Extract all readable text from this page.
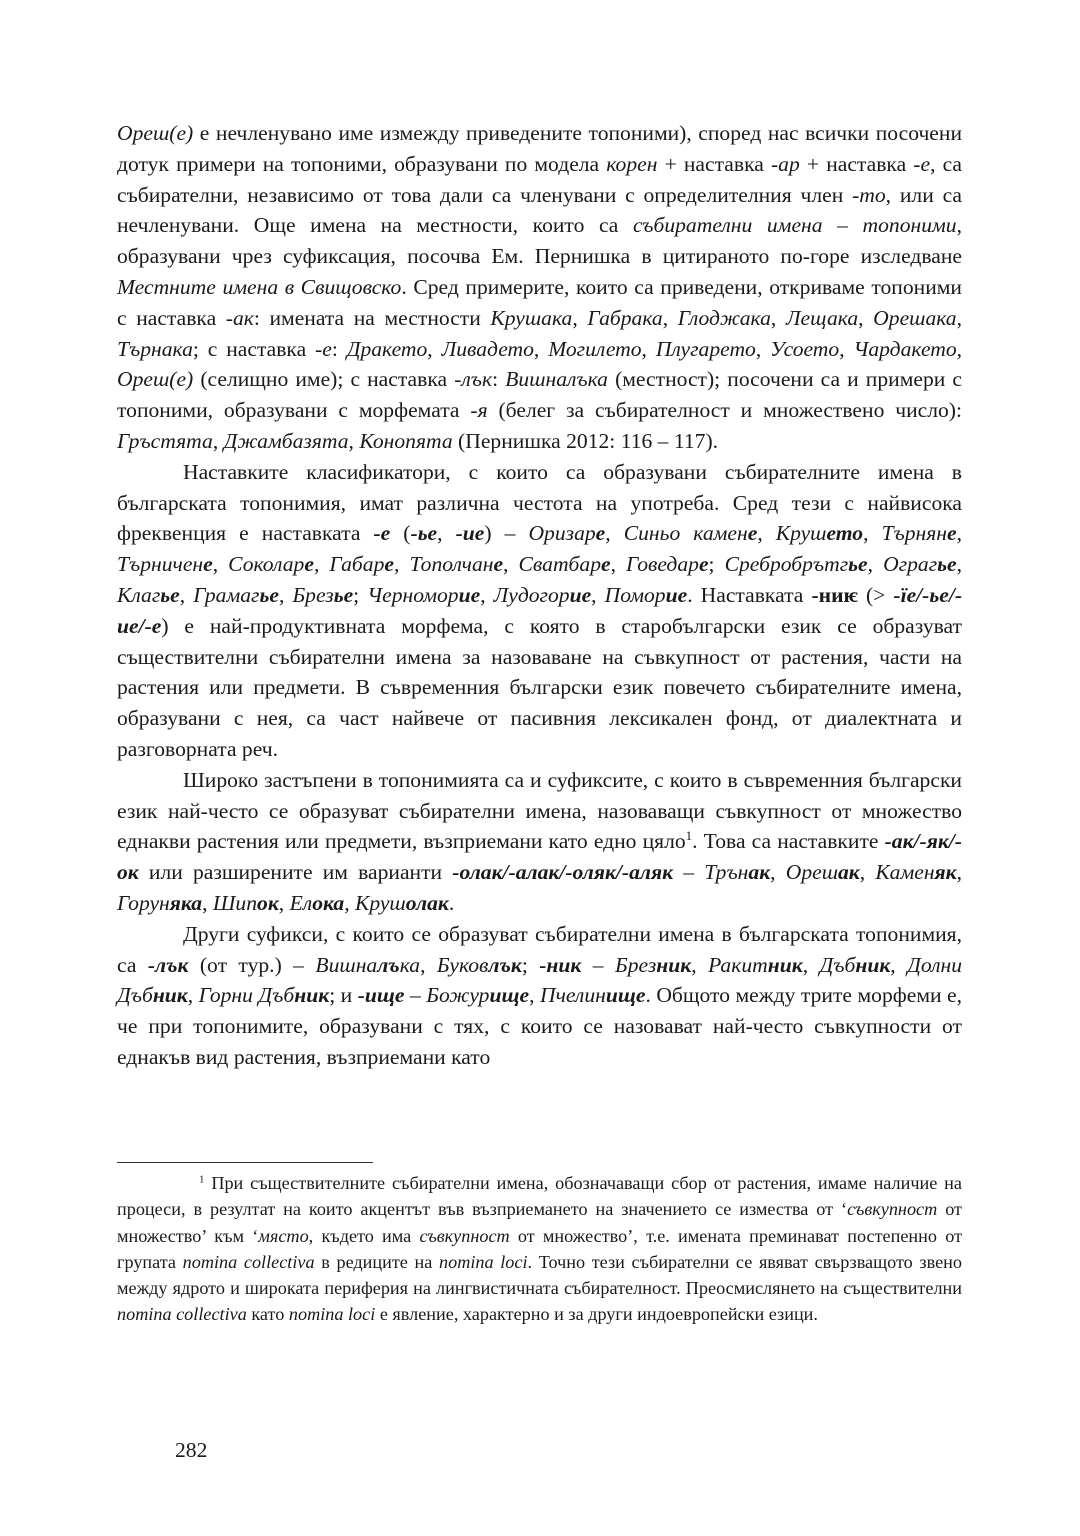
Ореш(е) е нечленувано име измежду приведените топоними), според нас всички посочени дотук примери на топоними, образувани по модела корен + наставка -ар + наставка -е, са събирателни, независимо от това дали са членувани с определителния член -то, или са нечленувани. Още имена на местности, които са събирателни имена – топоними, образувани чрез суфиксация, посочва Ем. Пернишка в цитираното по-горе изследване Местните имена в Свищовско. Сред примерите, които са приведени, откриваме топоними с наставка -ак: имената на местности Крушака, Габрака, Глоджака, Лещака, Орешака, Търнака; с наставка -е: Дракето, Ливадето, Могилето, Плугарето, Усоето, Чардакето, Ореш(е) (селищно име); с наставка -лък: Вишналъка (местност); посочени са и примери с топоними, образувани с морфемата -я (белег за събирателност и множествено число): Гръстята, Джамбазята, Конопята (Пернишка 2012: 116 – 117).

Наставките класификатори, с които са образувани събирателните имена в българската топонимия, имат различна честота на употреба. Сред тези с найвисока фреквенция е наставката -е (-ье, -ие) – Оризаре, Синьо камене, Крушето, Търняне, Търничене, Соколаре, Габаре, Тополчане, Сватбаре, Говедаре; Сребробрътгье, Ограгье, Клагье, Грамагье, Брезье; Черноморие, Лудогорие, Поморие. Наставката -ниѥ (> -ïе/-ье/-ие/-е) е най-продуктивната морфема, с която в старобългарски език се образуват съществителни събирателни имена за назоваване на съвкупност от растения, части на растения или предмети. В съвременния български език повечето събирателните имена, образувани с нея, са част найвече от пасивния лексикален фонд, от диалектната и разговорната реч.

Широко застъпени в топонимията са и суфиксите, с които в съвременния български език най-често се образуват събирателни имена, назоваващи съвкупност от множество еднакви растения или предмети, възприемани като едно цяло$^1$. Това са наставките -ак/-як/-ок или разширените им варианти -олак/-алак/-оляк/-аляк – Трънак, Орешак, Каменяк, Горуняка, Шипок, Елока, Крушолак.

Други суфикси, с които се образуват събирателни имена в българската топонимия, са -лък (от тур.) – Вишналъка, Буковлък; -ник – Брезник, Ракитник, Дъбник, Долни Дъбник, Горни Дъбник; и -ище – Божурище, Пчелинище. Общото между трите морфеми е, че при топонимите, образувани с тях, с които се назовават най-често съвкупности от еднакъв вид растения, възприемани като

$^1$ При съществителните събирателни имена, обозначаващи сбор от растения, имаме наличие на процеси, в резултат на които акцентът във възприемането на значението се измества от ‘съвкупност от множество’ към ‘място, където има съвкупност от множество’, т.е. имената преминават постепенно от групата nomina collectiva в редиците на nomina loci. Точно тези събирателни се явяват свързващото звено между ядрото и широката периферия на лингвистичната събирателност. Преосмислянето на съществителни nomina collectiva като nomina loci е явление, характерно и за други индоевропейски езици.
282
